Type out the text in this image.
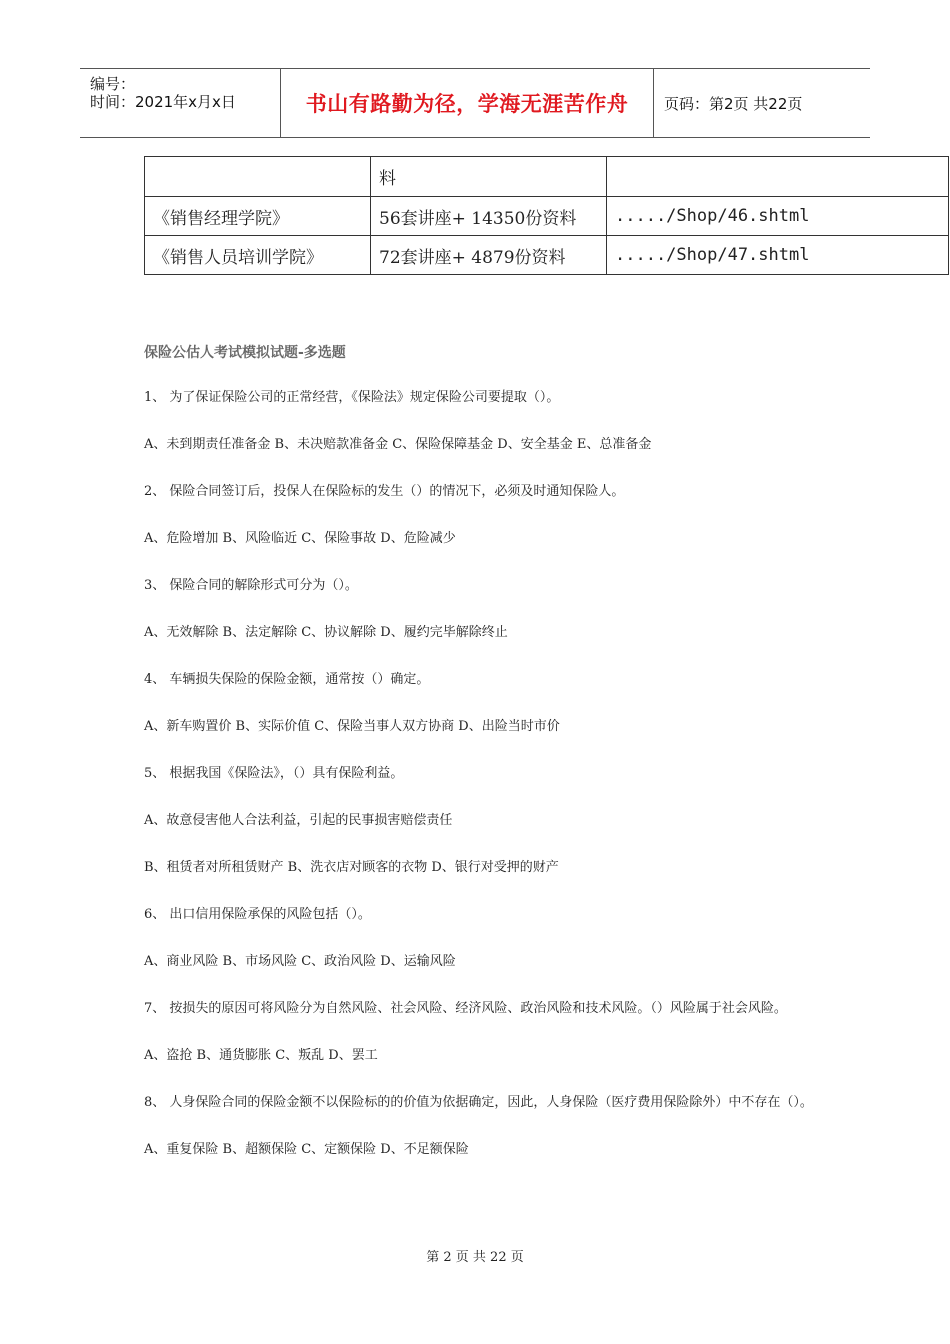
编号：
时间：2021年x月x日	书山有路勤为径，学海无涯苦作舟 页码：第2页 共22页
	料	
《销售经理学院》	56套讲座+ 14350份资料	...../Shop/46.shtml
《销售人员培训学院》	72套讲座+ 4879份资料	...../Shop/47.shtml
保险公估人考试模拟试题-多选题
1、 为了保证保险公司的正常经营，《保险法》规定保险公司要提取（）。
A、未到期责任准备金 B、未决赔款准备金 C、保险保障基金 D、安全基金 E、总准备金
2、 保险合同签订后，投保人在保险标的发生（）的情况下，必须及时通知保险人。
A、危险增加 B、风险临近 C、保险事故 D、危险减少
3、 保险合同的解除形式可分为（）。
A、无效解除 B、法定解除 C、协议解除 D、履约完毕解除终止
4、 车辆损失保险的保险金额，通常按（）确定。
A、新车购置价 B、实际价值 C、保险当事人双方协商 D、出险当时市价
5、 根据我国《保险法》，（）具有保险利益。
A、故意侵害他人合法利益，引起的民事损害赔偿责任
B、租赁者对所租赁财产 B、洗衣店对顾客的衣物 D、银行对受押的财产
6、 出口信用保险承保的风险包括（）。
A、商业风险 B、市场风险 C、政治风险 D、运输风险
7、 按损失的原因可将风险分为自然风险、社会风险、经济风险、政治风险和技术风险。（）风险属于社会风险。
A、盗抢 B、通货膨胀 C、叛乱 D、罢工
8、 人身保险合同的保险金额不以保险标的的价值为依据确定，因此，人身保险（医疗费用保险除外）中不存在（）。
A、重复保险 B、超额保险 C、定额保险 D、不足额保险
第 2 页 共 22 页
